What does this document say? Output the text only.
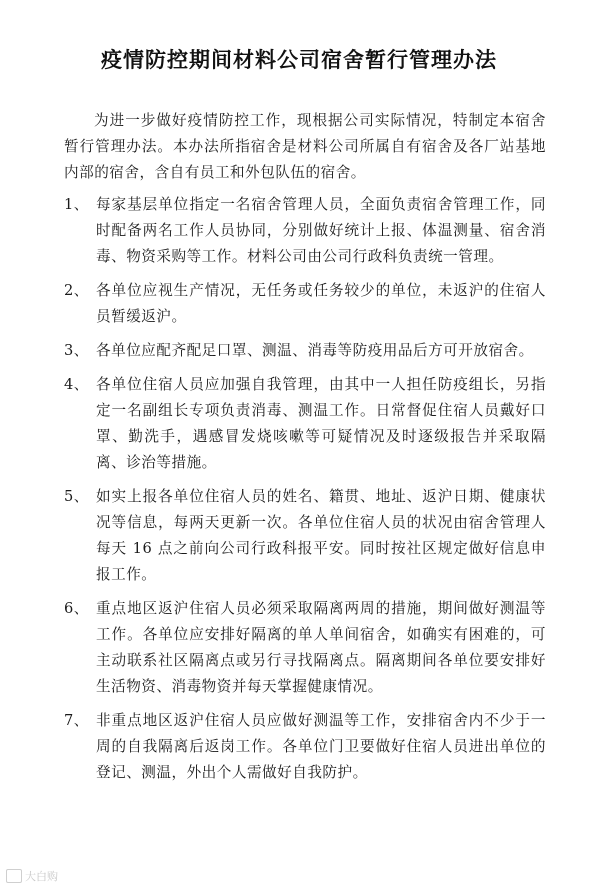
疫情防控期间材料公司宿舍暂行管理办法
为进一步做好疫情防控工作，现根据公司实际情况，特制定本宿舍暂行管理办法。本办法所指宿舍是材料公司所属自有宿舍及各厂站基地内部的宿舍，含自有员工和外包队伍的宿舍。
1、 每家基层单位指定一名宿舍管理人员，全面负责宿舍管理工作，同时配备两名工作人员协同，分别做好统计上报、体温测量、宿舍消毒、物资采购等工作。材料公司由公司行政科负责统一管理。
2、 各单位应视生产情况，无任务或任务较少的单位，未返沪的住宿人员暂缓返沪。
3、 各单位应配齐配足口罩、测温、消毒等防疫用品后方可开放宿舍。
4、 各单位住宿人员应加强自我管理，由其中一人担任防疫组长，另指定一名副组长专项负责消毒、测温工作。日常督促住宿人员戴好口罩、勤洗手，遇感冒发烧咳嗽等可疑情况及时逐级报告并采取隔离、诊治等措施。
5、 如实上报各单位住宿人员的姓名、籍贯、地址、返沪日期、健康状况等信息，每两天更新一次。各单位住宿人员的状况由宿舍管理人每天 16 点之前向公司行政科报平安。同时按社区规定做好信息申报工作。
6、 重点地区返沪住宿人员必须采取隔离两周的措施，期间做好测温等工作。各单位应安排好隔离的单人单间宿舍，如确实有困难的，可主动联系社区隔离点或另行寻找隔离点。隔离期间各单位要安排好生活物资、消毒物资并每天掌握健康情况。
7、 非重点地区返沪住宿人员应做好测温等工作，安排宿舍内不少于一周的自我隔离后返岗工作。各单位门卫要做好住宿人员进出单位的登记、测温，外出个人需做好自我防护。
大白购
